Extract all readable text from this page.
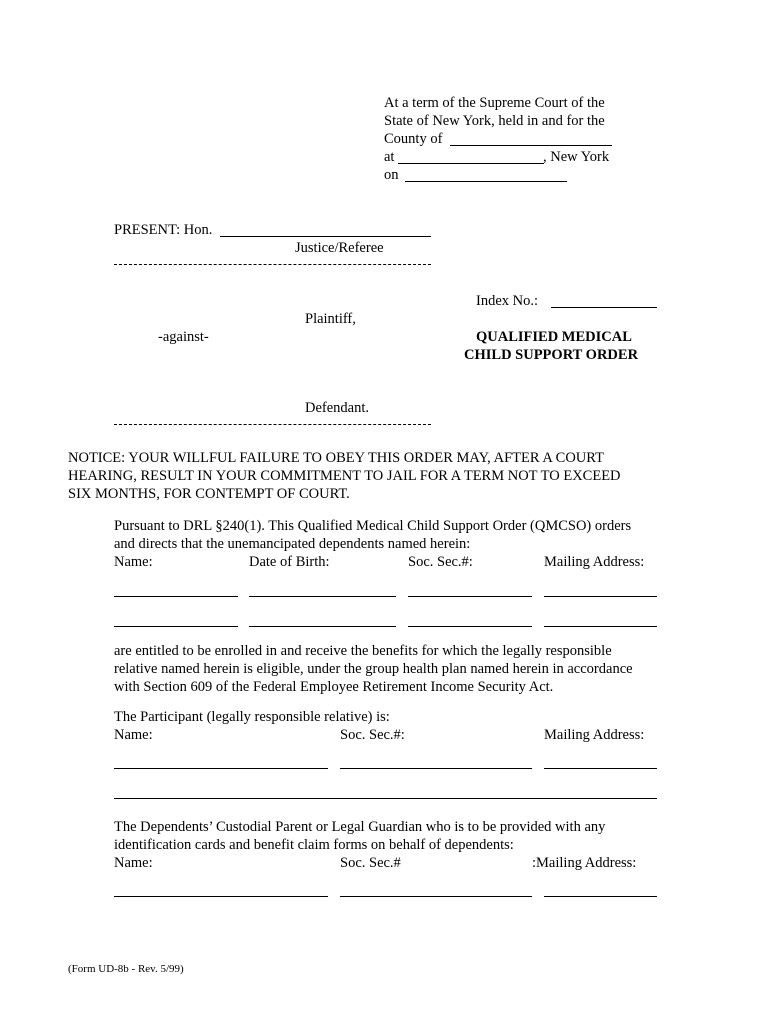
At a term of the Supreme Court of the
State of New York, held in and for the
County of
at	, New York
on
PRESENT: Hon.
Justice/Referee
Index No.:
Plaintiff,
-against-	QUALIFIED MEDICAL
CHILD SUPPORT ORDER
Defendant.
NOTICE: YOUR WILLFUL FAILURE TO OBEY THIS ORDER MAY, AFTER A COURT
HEARING, RESULT IN YOUR COMMITMENT TO JAIL FOR A TERM NOT TO EXCEED
SIX MONTHS, FOR CONTEMPT OF COURT.
Pursuant to DRL §240(1). This Qualified Medical Child Support Order (QMCSO) orders
and directs that the unemancipated dependents named herein:
Name:	Date of Birth:	Soc. Sec.#:	Mailing Address:
are entitled to be enrolled in and receive the benefits for which the legally responsible
relative named herein is eligible, under the group health plan named herein in accordance
with Section 609 of the Federal Employee Retirement Income Security Act.
The Participant (legally responsible relative) is:
Name:	Soc. Sec.#:	Mailing Address:
The Dependents’ Custodial Parent or Legal Guardian who is to be provided with any
identification cards and benefit claim forms on behalf of dependents:
Name:	Soc. Sec.#	:Mailing Address:
(Form UD-8b - Rev. 5/99)
